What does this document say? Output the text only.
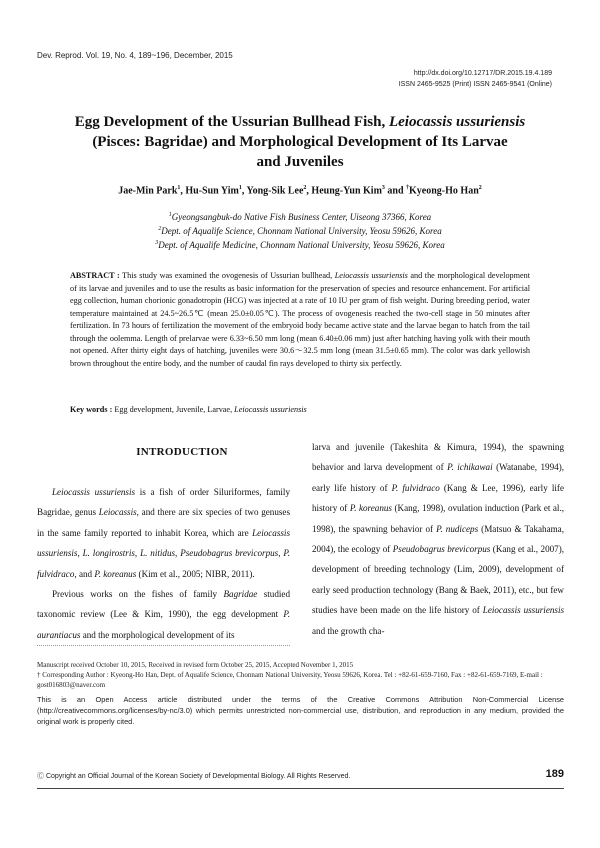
Dev. Reprod. Vol. 19, No. 4, 189~196, December, 2015
http://dx.doi.org/10.12717/DR.2015.19.4.189
ISSN 2465-9525 (Print) ISSN 2465-9541 (Online)
Egg Development of the Ussurian Bullhead Fish, Leiocassis ussuriensis
(Pisces: Bagridae) and Morphological Development of Its Larvae
and Juveniles
Jae-Min Park$^1$, Hu-Sun Yim$^1$, Yong-Sik Lee$^2$, Heung-Yun Kim$^3$ and †Kyeong-Ho Han$^2$
$^1$Gyeongsangbuk-do Native Fish Business Center, Uiseong 37366, Korea
$^2$Dept. of Aqualife Science, Chonnam National University, Yeosu 59626, Korea
$^3$Dept. of Aqualife Medicine, Chonnam National University, Yeosu 59626, Korea
ABSTRACT : This study was examined the ovogenesis of Ussurian bullhead, Leiocassis ussuriensis and the morphological development of its larvae and juveniles and to use the results as basic information for the preservation of species and resource enhancement. For artificial egg collection, human chorionic gonadotropin (HCG) was injected at a rate of 10 IU per gram of fish weight. During breeding period, water temperature maintained at 24.5~26.5℃ (mean 25.0±0.05℃). The process of ovogenesis reached the two-cell stage in 50 minutes after fertilization. In 73 hours of fertilization the movement of the embryoid body became active state and the larvae began to hatch from the tail through the oolemma. Length of prelarvae were 6.33~6.50 mm long (mean 6.40±0.06 mm) just after hatching having yolk with their mouth not opened. After thirty eight days of hatching, juveniles were 30.6～32.5 mm long (mean 31.5±0.65 mm). The color was dark yellowish brown throughout the entire body, and the number of caudal fin rays developed to thirty six perfectly.
Key words : Egg development, Juvenile, Larvae, Leiocassis ussuriensis
INTRODUCTION
Leiocassis ussuriensis is a fish of order Siluriformes, family Bagridae, genus Leiocassis, and there are six species of two genuses in the same family reported to inhabit Korea, which are Leiocassis ussuriensis, L. longirostris, L. nitidus, Pseudobagrus brevicorpus, P. fulvidraco, and P. koreanus (Kim et al., 2005; NIBR, 2011).
Previous works on the fishes of family Bagridae studied taxonomic review (Lee & Kim, 1990), the egg development P. aurantiacus and the morphological development of its
larva and juvenile (Takeshita & Kimura, 1994), the spawning behavior and larva development of P. ichikawai (Watanabe, 1994), early life history of P. fulvidraco (Kang & Lee, 1996), early life history of P. koreanus (Kang, 1998), ovulation induction (Park et al., 1998), the spawning behavior of P. nudiceps (Matsuo & Takahama, 2004), the ecology of Pseudobagrus brevicorpus (Kang et al., 2007), development of breeding technology (Lim, 2009), development of early seed production technology (Bang & Baek, 2011), etc., but few studies have been made on the life history of Leiocassis ussuriensis and the growth cha-
Manuscript received October 10, 2015, Received in revised form October 25, 2015, Accepted November 1, 2015
† Corresponding Author : Kyeong-Ho Han, Dept. of Aqualife Science, Chonnam National University, Yeosu 59626, Korea. Tel : +82-61-659-7160, Fax : +82-61-659-7169, E-mail : gost016803@naver.com
This is an Open Access article distributed under the terms of the Creative Commons Attribution Non-Commercial License (http://creativecommons.org/licenses/by-nc/3.0) which permits unrestricted non-commercial use, distribution, and reproduction in any medium, provided the original work is properly cited.
Ⓒ Copyright an Official Journal of the Korean Society of Developmental Biology. All Rights Reserved.	189
